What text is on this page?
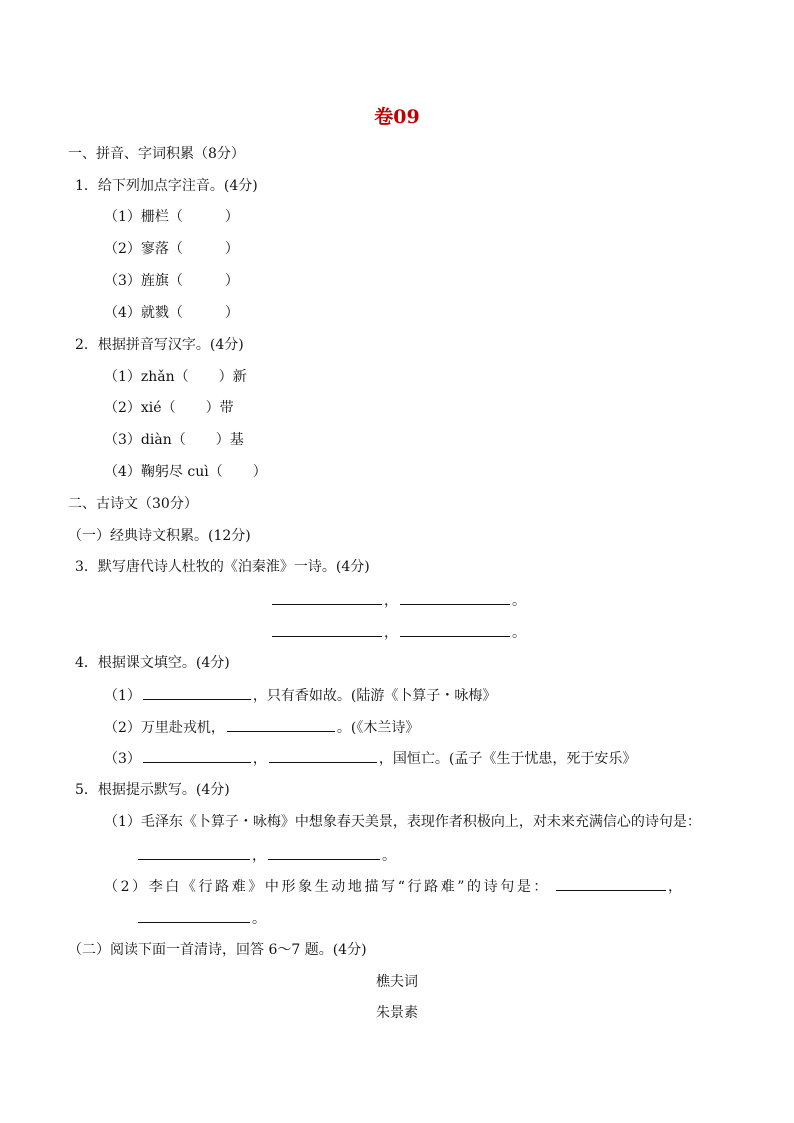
卷09
一、拼音、字词积累（8分）
1．给下列加点字注音。(4分)
（1）栅栏（	）
（2）寥落（	）
（3）旌旗（	）
（4）就戮（	）
2．根据拼音写汉字。(4分)
（1）zhǎn（ ）新
（2）xié（ ）带
（3）diàn（ ）基
（4）鞠躬尽 cuì（ ）
二、古诗文（30分）
（一）经典诗文积累。(12分)
3．默写唐代诗人杜牧的《泊秦淮》一诗。(4分)
，	。
，	。
4．根据课文填空。(4分)
（1）	，只有香如故。(陆游《卜算子・咏梅》
（2）万里赴戎机，	。(《木兰诗》
（3）	，	，国恒亡。(孟子《生于忧患，死于安乐》
5．根据提示默写。(4分)
（1）毛泽东《卜算子・咏梅》中想象春天美景，表现作者积极向上，对未来充满信心的诗句是：
，	。
（2）李白《行路难》中形象生动地描写“行路难”的诗句是：	，
。
（二）阅读下面一首清诗，回答 6～7 题。(4分)
樵夫词
朱景素
